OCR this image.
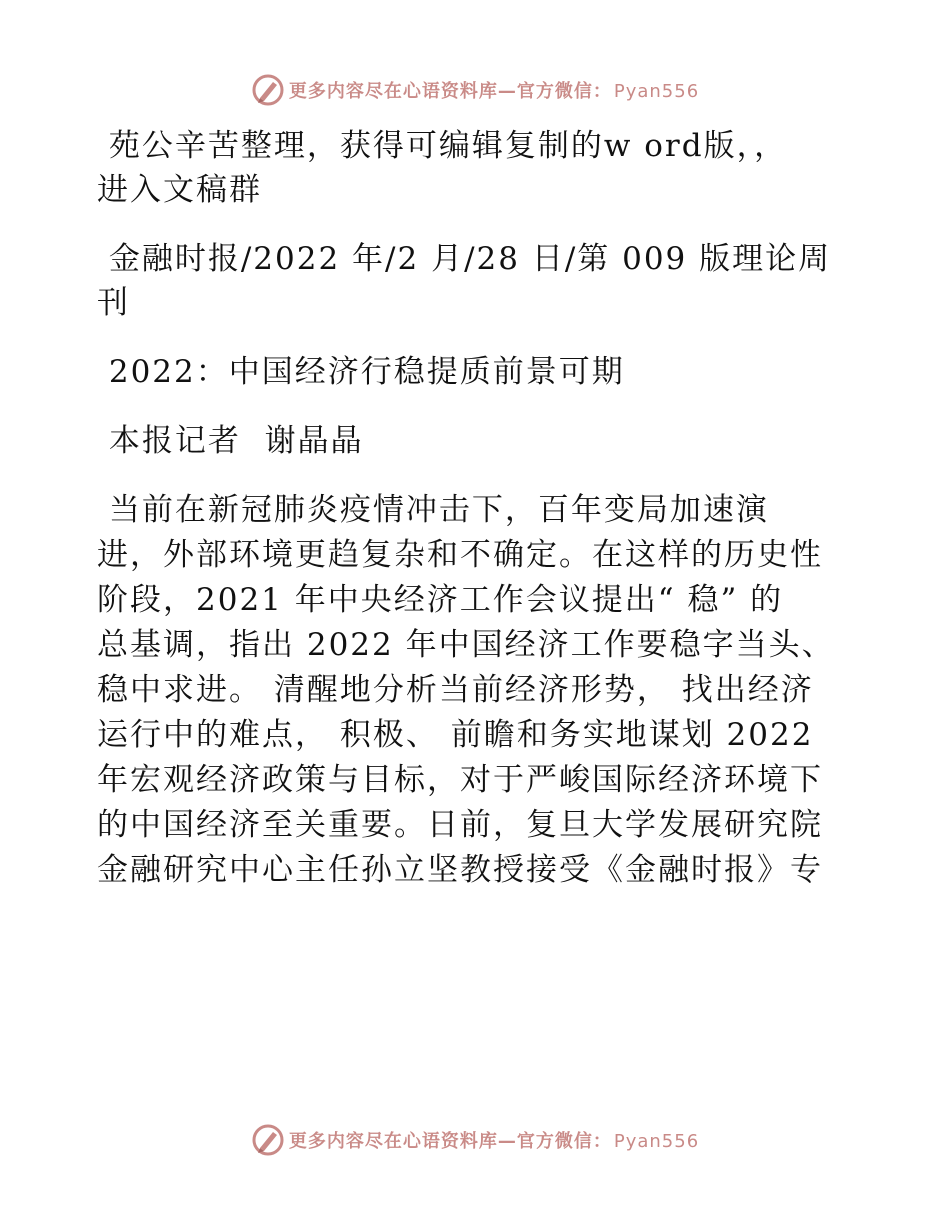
更多内容尽在心语资料库—官方微信： Pyan556

苑公辛苦整理，获得可编辑复制的w ord版，，

进入文稿群

金融时报/2022 年/2 月/28 日/第 009 版理论周

刊

2022：中国经济行稳提质前景可期

本报记者  谢晶晶

当前在新冠肺炎疫情冲击下，百年变局加速演

进，外部环境更趋复杂和不确定。在这样的历史性

阶段，2021 年中央经济工作会议提出“ 稳” 的

总基调，指出 2022 年中国经济工作要稳字当头、

稳中求进。 清醒地分析当前经济形势， 找出经济

运行中的难点， 积极、 前瞻和务实地谋划 2022

年宏观经济政策与目标，对于严峻国际经济环境下

的中国经济至关重要。日前，复旦大学发展研究院

金融研究中心主任孙立坚教授接受《金融时报》专

更多内容尽在心语资料库—官方微信： Pyan556
